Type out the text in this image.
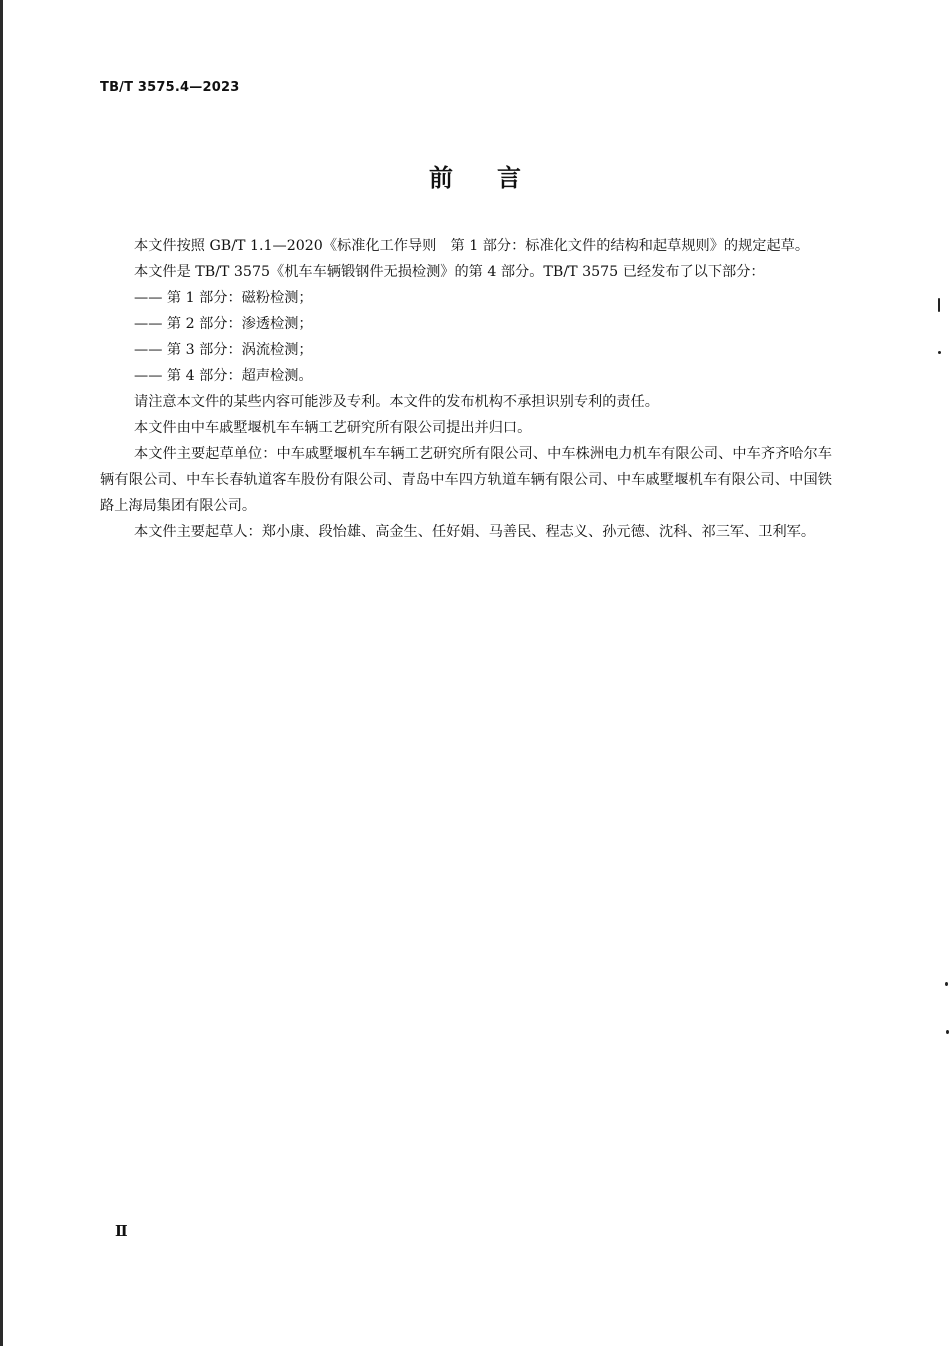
TB/T 3575.4—2023
前言

本文件按照 GB/T 1.1—2020《标准化工作导则　第 1 部分：标准化文件的结构和起草规则》的规定起草。

本文件是 TB/T 3575《机车车辆锻钢件无损检测》的第 4 部分。TB/T 3575 已经发布了以下部分：

—— 第 1 部分：磁粉检测；

—— 第 2 部分：渗透检测；

—— 第 3 部分：涡流检测；

—— 第 4 部分：超声检测。

请注意本文件的某些内容可能涉及专利。本文件的发布机构不承担识别专利的责任。

本文件由中车戚墅堰机车车辆工艺研究所有限公司提出并归口。

本文件主要起草单位：中车戚墅堰机车车辆工艺研究所有限公司、中车株洲电力机车有限公司、中车齐齐哈尔车辆有限公司、中车长春轨道客车股份有限公司、青岛中车四方轨道车辆有限公司、中车戚墅堰机车有限公司、中国铁路上海局集团有限公司。

本文件主要起草人：郑小康、段怡雄、高金生、任好娟、马善民、程志义、孙元德、沈科、祁三军、卫利军。

Ⅱ
